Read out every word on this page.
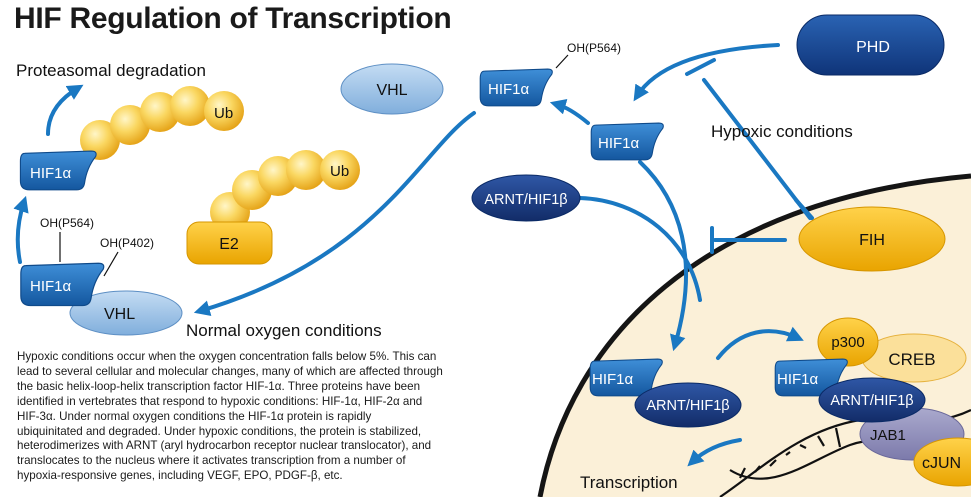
Proteasomal degradation
Ub
HIF1α	Ub
E2
OH(P564)
OH(P402)
VHL
HIF1α
Normal oxygen conditions
VHL
OH(P564)
HIF1α
HIF1α
Hypoxic conditions
PHD
ARNT/HIF1β
FIH
HIF1α
ARNT/HIF1β
CREB
p300
HIF1α
JAB1
ARNT/HIF1β
cJUN
Transcription
HIF Regulation of Transcription

Hypoxic conditions occur when the oxygen concentration falls below 5%. This can
lead to several cellular and molecular changes, many of which are affected through
the basic helix-loop-helix transcription factor HIF-1α. Three proteins have been
identified in vertebrates that respond to hypoxic conditions: HIF-1α, HIF-2α and
HIF-3α. Under normal oxygen conditions the HIF-1α protein is rapidly
ubiquinitated and degraded. Under hypoxic conditions, the protein is stabilized,
heterodimerizes with ARNT (aryl hydrocarbon receptor nuclear translocator), and
translocates to the nucleus where it activates transcription from a number of
hypoxia-responsive genes, including VEGF, EPO, PDGF-β, etc.
